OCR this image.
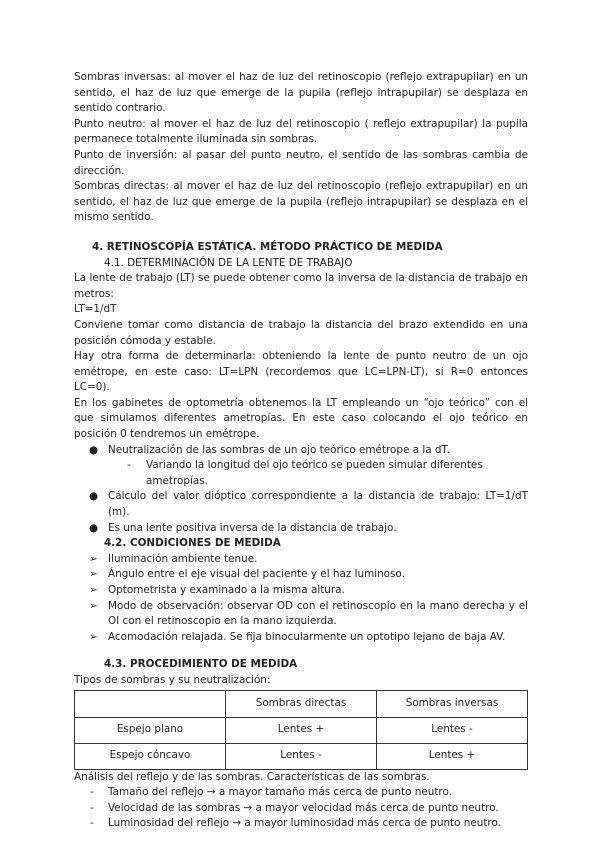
Sombras inversas: al mover el haz de luz del retinoscopio (reflejo extrapupilar) en un sentido, el haz de luz que emerge de la pupila (reflejo intrapupilar) se desplaza en sentido contrario.

Punto neutro: al mover el haz de luz del retinoscopio ( reflejo extrapupilar) la pupila permanece totalmente iluminada sin sombras.

Punto de inversión: al pasar del punto neutro, el sentido de las sombras cambia de dirección.

Sombras directas: al mover el haz de luz del retinoscopio (reflejo extrapupilar) en un sentido, el haz de luz que emerge de la pupila (reflejo intrapupilar) se desplaza en el mismo sentido.

4. RETINOSCOPÍA ESTÁTICA. MÉTODO PRÁCTICO DE MEDIDA

4.1. DETERMINACIÓN DE LA LENTE DE TRABAJO

La lente de trabajo (LT) se puede obtener como la inversa de la distancia de trabajo en metros:

LT=1/dT

Conviene tomar como distancia de trabajo la distancia del brazo extendido en una posición cómoda y estable.

Hay otra forma de determinarla: obteniendo la lente de punto neutro de un ojo emétrope, en este caso: LT=LPN (recordemos que LC=LPN-LT), si R=0 entonces LC=0).

En los gabinetes de optometría obtenemos la LT empleando un “ojo teórico” con el que simulamos diferentes ametropías. En este caso colocando el ojo teórico en posición 0 tendremos un emétrope.

● Neutralización de las sombras de un ojo teórico emétrope a la dT.
- Variando la longitud del ojo teórico se pueden simular diferentes ametropías.
● Cálculo del valor dióptico correspondiente a la distancia de trabajo: LT=1/dT (m).
● Es una lente positiva inversa de la distancia de trabajo.

4.2. CONDICIONES DE MEDIDA

➢ Iluminación ambiente tenue.
➢ Ángulo entre el eje visual del paciente y el haz luminoso.
➢ Optometrista y examinado a la misma altura.
➢ Modo de observación: observar OD con el retinoscopio en la mano derecha y el OI con el retinoscopio en la mano izquierda.
➢ Acomodación relajada. Se fija binocularmente un optotipo lejano de baja AV.

4.3. PROCEDIMIENTO DE MEDIDA

Tipos de sombras y su neutralización:

	Sombras directas	Sombras inversas
Espejo plano	Lentes +	Lentes -
Espejo cóncavo	Lentes -	Lentes +

Análisis del reflejo y de las sombras. Características de las sombras.

- Tamaño del reflejo → a mayor tamaño más cerca de punto neutro.
- Velocidad de las sombras → a mayor velocidad más cerca de punto neutro.
- Luminosidad del reflejo → a mayor luminosidad más cerca de punto neutro.
